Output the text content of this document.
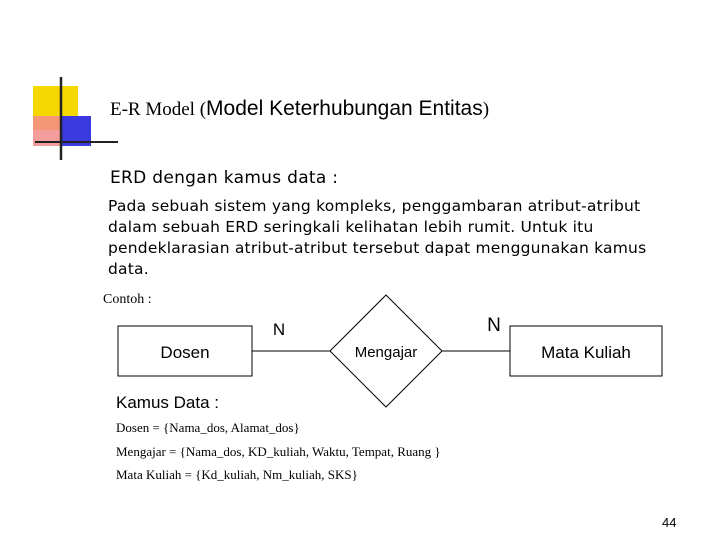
E-R Model (Model Keterhubungan Entitas)
ERD dengan kamus data :
Pada sebuah sistem yang kompleks, penggambaran atribut-atribut dalam sebuah ERD seringkali kelihatan lebih rumit. Untuk itu pendeklarasian atribut-atribut tersebut dapat menggunakan kamus data.
Contoh :
Dosen	Mengajar	Mata Kuliah
N	N
Kamus Data :
Dosen = {Nama_dos, Alamat_dos}
Mengajar = {Nama_dos, KD_kuliah, Waktu, Tempat, Ruang }
Mata Kuliah = {Kd_kuliah, Nm_kuliah, SKS}
44
